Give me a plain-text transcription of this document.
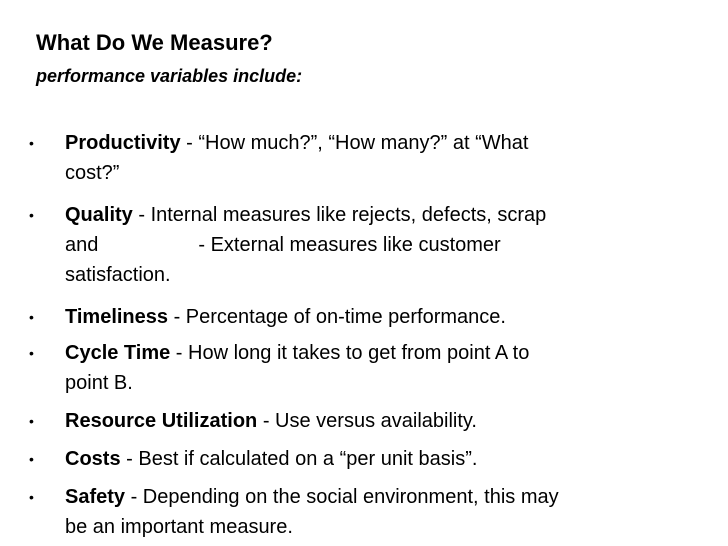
What Do We Measure?
performance variables include:
• Productivity - “How much?”, “How many?” at “What
cost?”
• Quality - Internal measures like rejects, defects, scrap
and	- External measures like customer
satisfaction.
• Timeliness - Percentage of on-time performance.
• Cycle Time - How long it takes to get from point A to
point B.
• Resource Utilization - Use versus availability.
• Costs - Best if calculated on a “per unit basis”.
• Safety - Depending on the social environment, this may
be an important measure.
